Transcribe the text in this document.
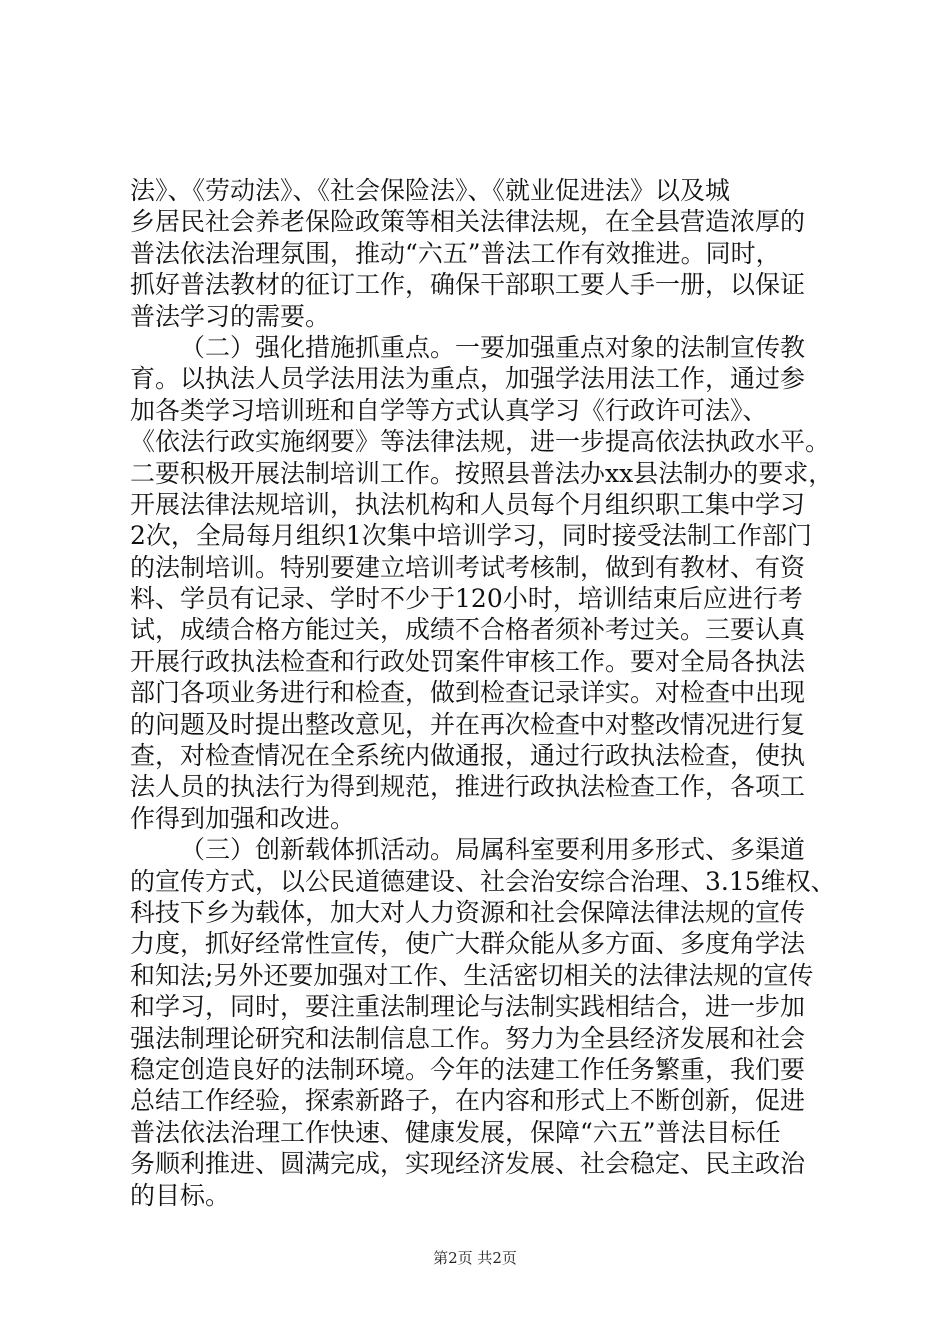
法》、《劳动法》、《社会保险法》、《就业促进法》以及城
乡居民社会养老保险政策等相关法律法规，在全县营造浓厚的
普法依法治理氛围，推动“六五”普法工作有效推进。同时，
抓好普法教材的征订工作，确保干部职工要人手一册，以保证
普法学习的需要。
（二）强化措施抓重点。一要加强重点对象的法制宣传教
育。以执法人员学法用法为重点，加强学法用法工作，通过参
加各类学习培训班和自学等方式认真学习《行政许可法》、
《依法行政实施纲要》等法律法规，进一步提高依法执政水平。
二要积极开展法制培训工作。按照县普法办xx县法制办的要求，
开展法律法规培训，执法机构和人员每个月组织职工集中学习
2次，全局每月组织1次集中培训学习，同时接受法制工作部门
的法制培训。特别要建立培训考试考核制，做到有教材、有资
料、学员有记录、学时不少于120小时，培训结束后应进行考
试，成绩合格方能过关，成绩不合格者须补考过关。三要认真
开展行政执法检查和行政处罚案件审核工作。要对全局各执法
部门各项业务进行和检查，做到检查记录详实。对检查中出现
的问题及时提出整改意见，并在再次检查中对整改情况进行复
查，对检查情况在全系统内做通报，通过行政执法检查，使执
法人员的执法行为得到规范，推进行政执法检查工作，各项工
作得到加强和改进。
（三）创新载体抓活动。局属科室要利用多形式、多渠道
的宣传方式，以公民道德建设、社会治安综合治理、3.15维权、
科技下乡为载体，加大对人力资源和社会保障法律法规的宣传
力度，抓好经常性宣传，使广大群众能从多方面、多度角学法
和知法;另外还要加强对工作、生活密切相关的法律法规的宣传
和学习，同时，要注重法制理论与法制实践相结合，进一步加
强法制理论研究和法制信息工作。努力为全县经济发展和社会
稳定创造良好的法制环境。今年的法建工作任务繁重，我们要
总结工作经验，探索新路子，在内容和形式上不断创新，促进
普法依法治理工作快速、健康发展，保障“六五”普法目标任
务顺利推进、圆满完成，实现经济发展、社会稳定、民主政治
的目标。
第2页 共2页
